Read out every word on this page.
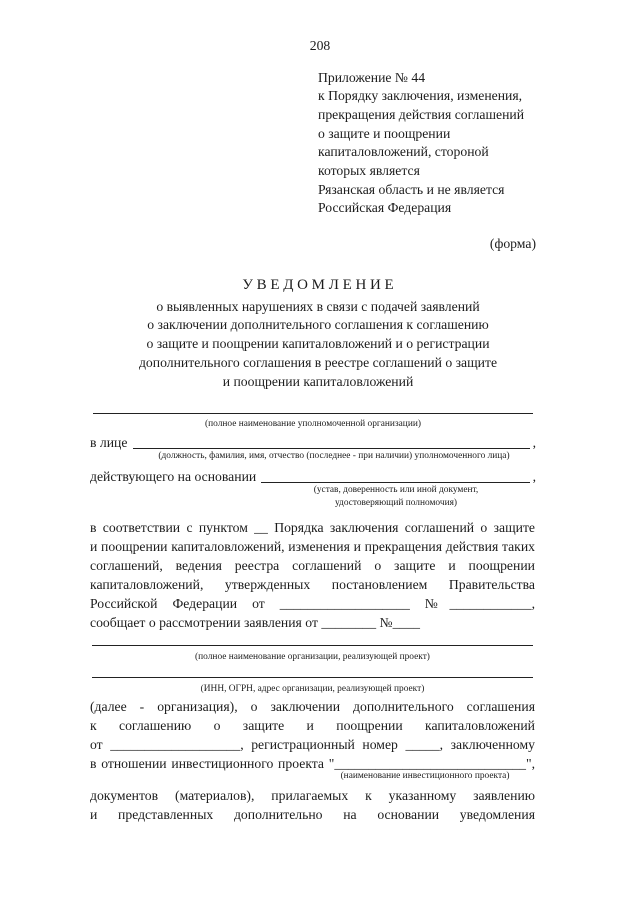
208
Приложение № 44
к Порядку заключения, изменения,
прекращения действия соглашений
о защите и поощрении
капиталовложений, стороной
которых является
Рязанская область и не является
Российская Федерация
(форма)
УВЕДОМЛЕНИЕ
о выявленных нарушениях в связи с подачей заявлений
о заключении дополнительного соглашения к соглашению
о защите и поощрении капиталовложений и о регистрации
дополнительного соглашения в реестре соглашений о защите
и поощрении капиталовложений
(полное наименование уполномоченной организации)
в лице	,
(должность, фамилия, имя, отчество (последнее - при наличии) уполномоченного лица)
действующего на основании	,
(устав, доверенность или иной документ,
удостоверяющий полномочия)
в соответствии с пунктом __ Порядка заключения соглашений о защите
и поощрении капиталовложений, изменения и прекращения действия таких
соглашений, ведения реестра соглашений о защите и поощрении
капиталовложений, утвержденных постановлением Правительства
Российской Федерации от ___________________ №____________,
сообщает о рассмотрении заявления от ________ №____
(полное наименование организации, реализующей проект)
(ИНН, ОГРН, адрес организации, реализующей проект)
(далее - организация), о заключении дополнительного соглашения
к соглашению о защите и поощрении капиталовложений
от ___________________, регистрационный номер _____, заключенному
в отношении инвестиционного проекта "____________________________",
(наименование инвестиционного проекта)
документов (материалов), прилагаемых к указанному заявлению
и представленных дополнительно на основании уведомления
